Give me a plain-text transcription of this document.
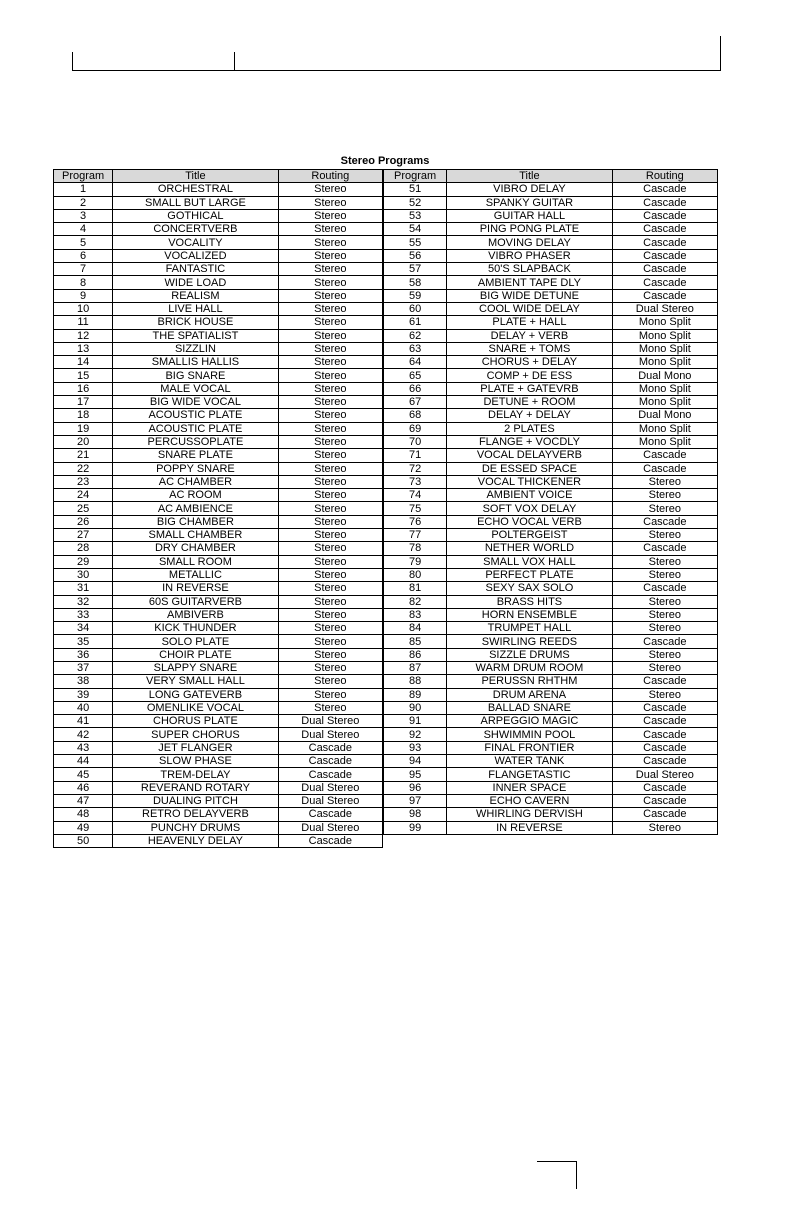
Stereo Programs
Program	Title	Routing
1	ORCHESTRAL	Stereo
2	SMALL BUT LARGE	Stereo
3	GOTHICAL	Stereo
4	CONCERTVERB	Stereo
5	VOCALITY	Stereo
6	VOCALIZED	Stereo
7	FANTASTIC	Stereo
8	WIDE LOAD	Stereo
9	REALISM	Stereo
10	LIVE HALL	Stereo
11	BRICK HOUSE	Stereo
12	THE SPATIALIST	Stereo
13	SIZZLIN	Stereo
14	SMALLIS HALLIS	Stereo
15	BIG SNARE	Stereo
16	MALE VOCAL	Stereo
17	BIG WIDE VOCAL	Stereo
18	ACOUSTIC PLATE	Stereo
19	ACOUSTIC PLATE	Stereo
20	PERCUSSOPLATE	Stereo
21	SNARE PLATE	Stereo
22	POPPY SNARE	Stereo
23	AC CHAMBER	Stereo
24	AC ROOM	Stereo
25	AC AMBIENCE	Stereo
26	BIG CHAMBER	Stereo
27	SMALL CHAMBER	Stereo
28	DRY CHAMBER	Stereo
29	SMALL ROOM	Stereo
30	METALLIC	Stereo
31	IN REVERSE	Stereo
32	60S GUITARVERB	Stereo
33	AMBIVERB	Stereo
34	KICK THUNDER	Stereo
35	SOLO PLATE	Stereo
36	CHOIR PLATE	Stereo
37	SLAPPY SNARE	Stereo
38	VERY SMALL HALL	Stereo
39	LONG GATEVERB	Stereo
40	OMENLIKE VOCAL	Stereo
41	CHORUS PLATE	Dual Stereo
42	SUPER CHORUS	Dual Stereo
43	JET FLANGER	Cascade
44	SLOW PHASE	Cascade
45	TREM-DELAY	Cascade
46	REVERAND ROTARY	Dual Stereo
47	DUALING PITCH	Dual Stereo
48	RETRO DELAYVERB	Cascade
49	PUNCHY DRUMS	Dual Stereo
50	HEAVENLY DELAY	Cascade
Program	Title	Routing
51	VIBRO DELAY	Cascade
52	SPANKY GUITAR	Cascade
53	GUITAR HALL	Cascade
54	PING PONG PLATE	Cascade
55	MOVING DELAY	Cascade
56	VIBRO PHASER	Cascade
57	50'S SLAPBACK	Cascade
58	AMBIENT TAPE DLY	Cascade
59	BIG WIDE DETUNE	Cascade
60	COOL WIDE DELAY	Dual Stereo
61	PLATE + HALL	Mono Split
62	DELAY + VERB	Mono Split
63	SNARE + TOMS	Mono Split
64	CHORUS + DELAY	Mono Split
65	COMP + DE ESS	Dual Mono
66	PLATE + GATEVRB	Mono Split
67	DETUNE + ROOM	Mono Split
68	DELAY + DELAY	Dual Mono
69	2 PLATES	Mono Split
70	FLANGE + VOCDLY	Mono Split
71	VOCAL DELAYVERB	Cascade
72	DE ESSED SPACE	Cascade
73	VOCAL THICKENER	Stereo
74	AMBIENT VOICE	Stereo
75	SOFT VOX DELAY	Stereo
76	ECHO VOCAL VERB	Cascade
77	POLTERGEIST	Stereo
78	NETHER WORLD	Cascade
79	SMALL VOX HALL	Stereo
80	PERFECT PLATE	Stereo
81	SEXY SAX SOLO	Cascade
82	BRASS HITS	Stereo
83	HORN ENSEMBLE	Stereo
84	TRUMPET HALL	Stereo
85	SWIRLING REEDS	Cascade
86	SIZZLE DRUMS	Stereo
87	WARM DRUM ROOM	Stereo
88	PERUSSN RHTHM	Cascade
89	DRUM ARENA	Stereo
90	BALLAD SNARE	Cascade
91	ARPEGGIO MAGIC	Cascade
92	SHWIMMIN POOL	Cascade
93	FINAL FRONTIER	Cascade
94	WATER TANK	Cascade
95	FLANGETASTIC	Dual Stereo
96	INNER SPACE	Cascade
97	ECHO CAVERN	Cascade
98	WHIRLING DERVISH	Cascade
99	IN REVERSE	Stereo
